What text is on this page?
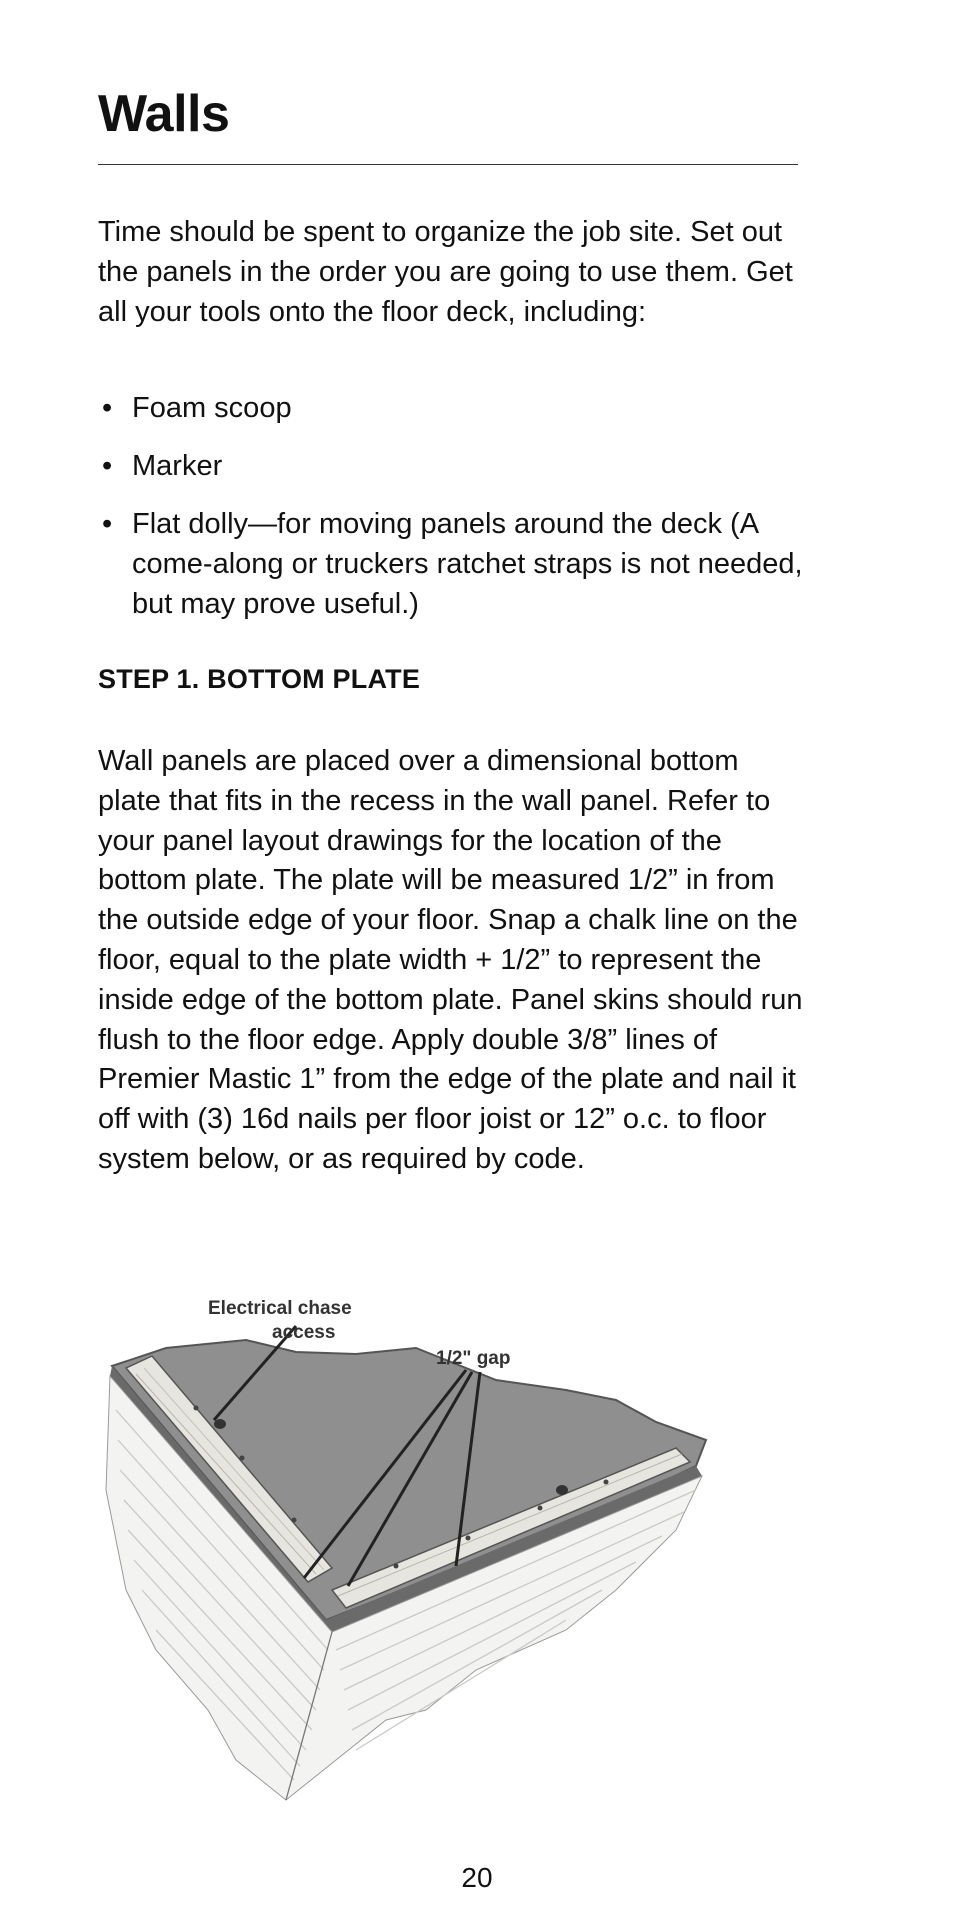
Walls

Time should be spent to organize the job site. Set out the panels in the order you are going to use them. Get all your tools onto the floor deck, including:

• Foam scoop
• Marker
• Flat dolly—for moving panels around the deck (A come-along or truckers ratchet straps is not needed, but may prove useful.)
STEP 1. BOTTOM PLATE

Wall panels are placed over a dimensional bottom plate that fits in the recess in the wall panel. Refer to your panel layout drawings for the location of the bottom plate. The plate will be measured 1/2” in from the outside edge of your floor. Snap a chalk line on the floor, equal to the plate width + 1/2” to represent the inside edge of the bottom plate. Panel skins should run flush to the floor edge. Apply double 3/8” lines of Premier Mastic 1” from the edge of the plate and nail it off with (3) 16d nails per floor joist or 12” o.c. to floor system below, or as required by code.

Electrical chase
access
1/2" gap

20
